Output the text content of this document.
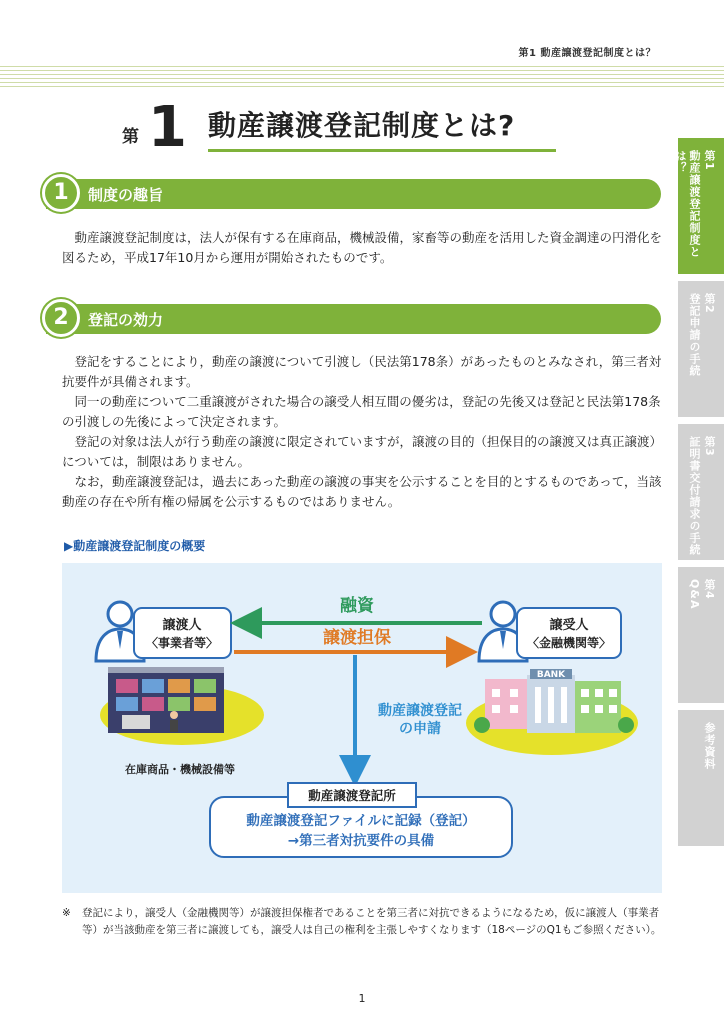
第1 動産譲渡登記制度とは？
第 1 動産譲渡登記制度とは?
1	制度の趣旨

動産譲渡登記制度は，法人が保有する在庫商品，機械設備，家畜等の動産を活用した資金調達の円滑化を図るため，平成17年10月から運用が開始されたものです。

2	登記の効力

登記をすることにより，動産の譲渡について引渡し（民法第178条）があったものとみなされ，第三者対抗要件が具備されます。

同一の動産について二重譲渡がされた場合の譲受人相互間の優劣は，登記の先後又は登記と民法第178条の引渡しの先後によって決定されます。

登記の対象は法人が行う動産の譲渡に限定されていますが，譲渡の目的（担保目的の譲渡又は真正譲渡）については，制限はありません。

なお，動産譲渡登記は，過去にあった動産の譲渡の事実を公示することを目的とするものであって，当該動産の存在や所有権の帰属を公示するものではありません。

▶動産譲渡登記制度の概要
譲渡人
〈事業者等〉
譲受人
〈金融機関等〉
融資
譲渡担保
動産譲渡登記
の申請
在庫商品・機械設備等
BANK
動産譲渡登記所
動産譲渡登記ファイルに記録（登記）
→第三者対抗要件の具備
※	登記により，譲受人（金融機関等）が譲渡担保権者であることを第三者に対抗できるようになるため，仮に譲渡人（事業者等）が当該動産を第三者に譲渡しても，譲受人は自己の権利を主張しやすくなります（18ページのQ1もご参照ください）。
1
第1
動産譲渡登記制度とは？
第2
登記申請の手続
第3
証明書交付請求の手続
第4
Q&A
参考資料
